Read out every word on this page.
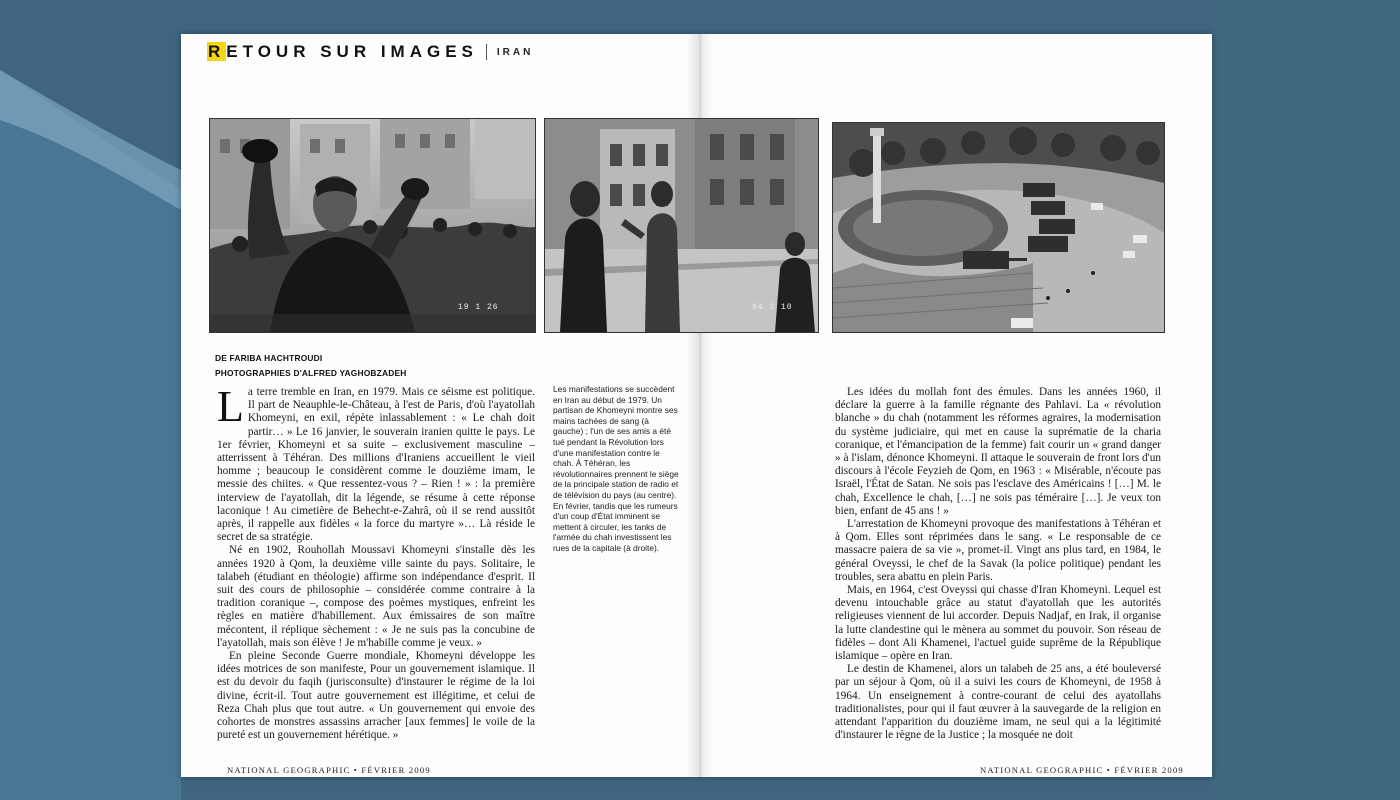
RETOUR SUR IMAGES IRAN
19 1 26	94 2 10
DE FARIBA HACHTROUDI
PHOTOGRAPHIES D'ALFRED YAGHOBZADEH

La terre tremble en Iran, en 1979. Mais ce séisme est politique. Il part de Neauphle-le-Château, à l'est de Paris, d'où l'ayatollah Khomeyni, en exil, répète inlassablement : « Le chah doit partir… » Le 16 janvier, le souverain iranien quitte le pays. Le 1er février, Khomeyni et sa suite – exclusivement masculine – atterrissent à Téhéran. Des millions d'Iraniens accueillent le vieil homme ; beaucoup le considèrent comme le douzième imam, le messie des chiites. « Que ressentez-vous ? – Rien ! » : la première interview de l'ayatollah, dit la légende, se résume à cette réponse laconique ! Au cimetière de Behecht-e-Zahrâ, où il se rend aussitôt après, il rappelle aux fidèles « la force du martyre »… Là réside le secret de sa stratégie.

Né en 1902, Rouhollah Moussavi Khomeyni s'installe dès les années 1920 à Qom, la deuxième ville sainte du pays. Solitaire, le talabeh (étudiant en théologie) affirme son indépendance d'esprit. Il suit des cours de philosophie – considérée comme contraire à la tradition coranique –, compose des poèmes mystiques, enfreint les règles en matière d'habillement. Aux émissaires de son maître mécontent, il réplique sèchement : « Je ne suis pas la concubine de l'ayatollah, mais son élève ! Je m'habille comme je veux. »

En pleine Seconde Guerre mondiale, Khomeyni développe les idées motrices de son manifeste, Pour un gouvernement islamique. Il est du devoir du faqih (jurisconsulte) d'instaurer le régime de la loi divine, écrit-il. Tout autre gouvernement est illégitime, et celui de Reza Chah plus que tout autre. « Un gouvernement qui envoie des cohortes de monstres assassins arracher [aux femmes] le voile de la pureté est un gouvernement hérétique. »

Les manifestations se succèdent en Iran au début de 1979. Un partisan de Khomeyni montre ses mains tachées de sang (à gauche) ; l'un de ses amis a été tué pendant la Révolution lors d'une manifestation contre le chah. À Téhéran, les révolutionnaires prennent le siège de la principale station de radio et de télévision du pays (au centre). En février, tandis que les rumeurs d'un coup d'État imminent se mettent à circuler, les tanks de l'armée du chah investissent les rues de la capitale (à droite).

Les idées du mollah font des émules. Dans les années 1960, il déclare la guerre à la famille régnante des Pahlavi. La « révolution blanche » du chah (notamment les réformes agraires, la modernisation du système judiciaire, qui met en cause la suprématie de la charia coranique, et l'émancipation de la femme) fait courir un « grand danger » à l'islam, dénonce Khomeyni. Il attaque le souverain de front lors d'un discours à l'école Feyzieh de Qom, en 1963 : « Misérable, n'écoute pas Israël, l'État de Satan. Ne sois pas l'esclave des Américains ! […] M. le chah, Excellence le chah, […] ne sois pas téméraire […]. Je veux ton bien, enfant de 45 ans ! »

L'arrestation de Khomeyni provoque des manifestations à Téhéran et à Qom. Elles sont réprimées dans le sang. « Le responsable de ce massacre paiera de sa vie », promet-il. Vingt ans plus tard, en 1984, le général Oveyssi, le chef de la Savak (la police politique) pendant les troubles, sera abattu en plein Paris.

Mais, en 1964, c'est Oveyssi qui chasse d'Iran Khomeyni. Lequel est devenu intouchable grâce au statut d'ayatollah que les autorités religieuses viennent de lui accorder. Depuis Nadjaf, en Irak, il organise la lutte clandestine qui le mènera au sommet du pouvoir. Son réseau de fidèles – dont Ali Khamenei, l'actuel guide suprême de la République islamique – opère en Iran.

Le destin de Khamenei, alors un talabeh de 25 ans, a été bouleversé par un séjour à Qom, où il a suivi les cours de Khomeyni, de 1958 à 1964. Un enseignement à contre-courant de celui des ayatollahs traditionalistes, pour qui il faut œuvrer à la sauvegarde de la religion en attendant l'apparition du douzième imam, ne seul qui a la légitimité d'instaurer le règne de la Justice ; la mosquée ne doit

NATIONAL GEOGRAPHIC • FÉVRIER 2009	NATIONAL GEOGRAPHIC • FÉVRIER 2009
